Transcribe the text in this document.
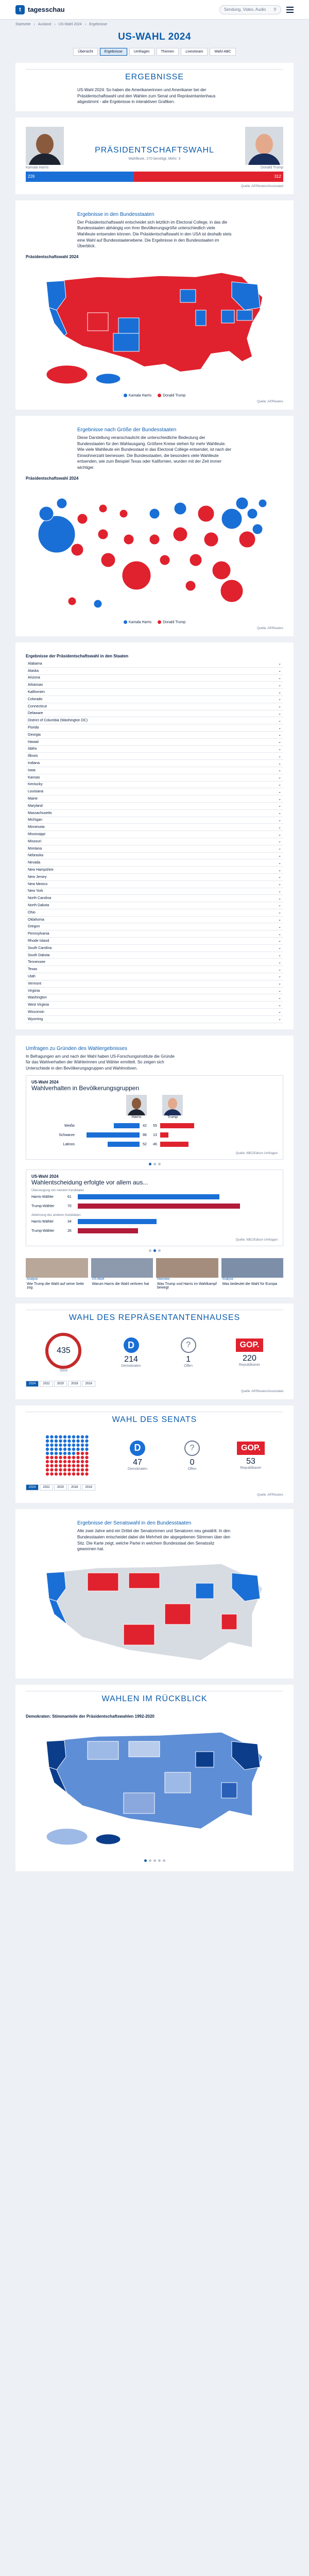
t	tagesschau	Sendung, Video, Audio ⚲
Startseite › Ausland › US-Wahl 2024 › Ergebnisse
US-WAHL 2024
Übersicht	Ergebnisse	Umfragen	Themen	Livestream	Wahl-ABC
ERGEBNISSE

US-Wahl 2024: So haben die Amerikanerinnen und Amerikaner bei der Präsidentschaftswahl und den Wahlen zum Senat und Repräsentantenhaus abgestimmt - alle Ergebnisse in interaktiven Grafiken.

PRÄSIDENTSCHAFTSWAHL
Wahlleute, 270 benötigt, Mehr: 3
Kamala Harris	Donald Trump
226	312
Quelle: AP/Reuters/Associated
Ergebnisse in den Bundesstaaten

Der Präsidentschaftswahl entscheidet sich letztlich im Electoral College, in das die Bundesstaaten abhängig von ihrer Bevölkerungsgröße unterschiedlich viele Wahlleute entsenden können. Die Präsidentschaftswahl in den USA ist deshalb stets eine Wahl auf Bundesstaatenebene. Die Ergebnisse in den Bundesstaaten im Überblick.

Präsidentschaftswahl 2024
Kamala Harris	Donald Trump
Quelle: AP/Reuters
Ergebnisse nach Größe der Bundesstaaten

Diese Darstellung veranschaulicht die unterschiedliche Bedeutung der Bundesstaaten für den Wahlausgang. Größere Kreise stehen für mehr Wahlleute. Wie viele Wahlleute ein Bundesstaat in das Electoral College entsendet, ist nach der Einwohnerzahl bemessen. Die Bundesstaaten, die besonders viele Wahlleute entsenden, wie zum Beispiel Texas oder Kalifornien, wurden mit der Zeit immer wichtiger.

Präsidentschaftswahl 2024
Kamala Harris	Donald Trump
Quelle: AP/Reuters
Ergebnisse der Präsidentschaftswahl in den Staaten
Alabama	⌄
Alaska	⌄
Arizona	⌄
Arkansas	⌄
Kalifornien	⌄
Colorado	⌄
Connecticut	⌄
Delaware	⌄
District of Columbia (Washington DC)	⌄
Florida	⌄
Georgia	⌄
Hawaii	⌄
Idaho	⌄
Illinois	⌄
Indiana	⌄
Iowa	⌄
Kansas	⌄
Kentucky	⌄
Louisiana	⌄
Maine	⌄
Maryland	⌄
Massachusetts	⌄
Michigan	⌄
Minnesota	⌄
Mississippi	⌄
Missouri	⌄
Montana	⌄
Nebraska	⌄
Nevada	⌄
New Hampshire	⌄
New Jersey	⌄
New Mexico	⌄
New York	⌄
North Carolina	⌄
North Dakota	⌄
Ohio	⌄
Oklahoma	⌄
Oregon	⌄
Pennsylvania	⌄
Rhode Island	⌄
South Carolina	⌄
South Dakota	⌄
Tennessee	⌄
Texas	⌄
Utah	⌄
Vermont	⌄
Virginia	⌄
Washington	⌄
West Virginia	⌄
Wisconsin	⌄
Wyoming	⌄
Umfragen zu Gründen des Wahlergebnisses

In Befragungen am und nach der Wahl haben US-Forschungsinstitute die Gründe für das Wahlverhalten der Wählerinnen und Wähler ermittelt. So zeigen sich Unterschiede in den Bevölkerungsgruppen und Wahlmotiven.

US-Wahl 2024
Wahlverhalten in Bevölkerungsgruppen
Harris	Trump
Weiße	42	55
Schwarze	86	13
Latinos	52	46
Quelle: NBC/Edison Umfragen
US-Wahl 2024
Wahlentscheidung erfolgte vor allem aus...
Überzeugung von meinem Kandidaten
Harris-Wähler	61
Trump-Wähler	70
Ablehnung des anderen Kandidaten
Harris-Wähler	34
Trump-Wähler	26
Quelle: NBC/Edison Umfragen
Analyse
Wie Trump die Wahl auf seine Seite zog
US-Wahl
Warum Harris die Wahl verloren hat
Interview
Was Trump und Harris im Wahlkampf bewegt
Analyse
Was bedeutet die Wahl für Europa
WAHL DES REPRÄSENTANTENHAUSES
435
Sitze
D
214
Demokraten
?
1
Offen
GOP.
220
Republikaner
2024	2022	2020	2018	2016
Quelle: AP/Reuters/Associated
WAHL DES SENATS
D
47
Demokraten
?
0
Offen
GOP.
53
Republikaner
2024	2022	2020	2018	2016
Quelle: AP/Reuters
Ergebnisse der Senatswahl in den Bundesstaaten

Alle zwei Jahre wird ein Drittel der Senatorinnen und Senatoren neu gewählt. In den Bundesstaaten entscheidet dabei die Mehrheit der abgegebenen Stimmen über den Sitz. Die Karte zeigt, welche Partei in welchem Bundesstaat den Senatssitz gewonnen hat.

WAHLEN IM RÜCKBLICK
Demokraten: Stimmanteile der Präsidentschaftswahlen 1992-2020
